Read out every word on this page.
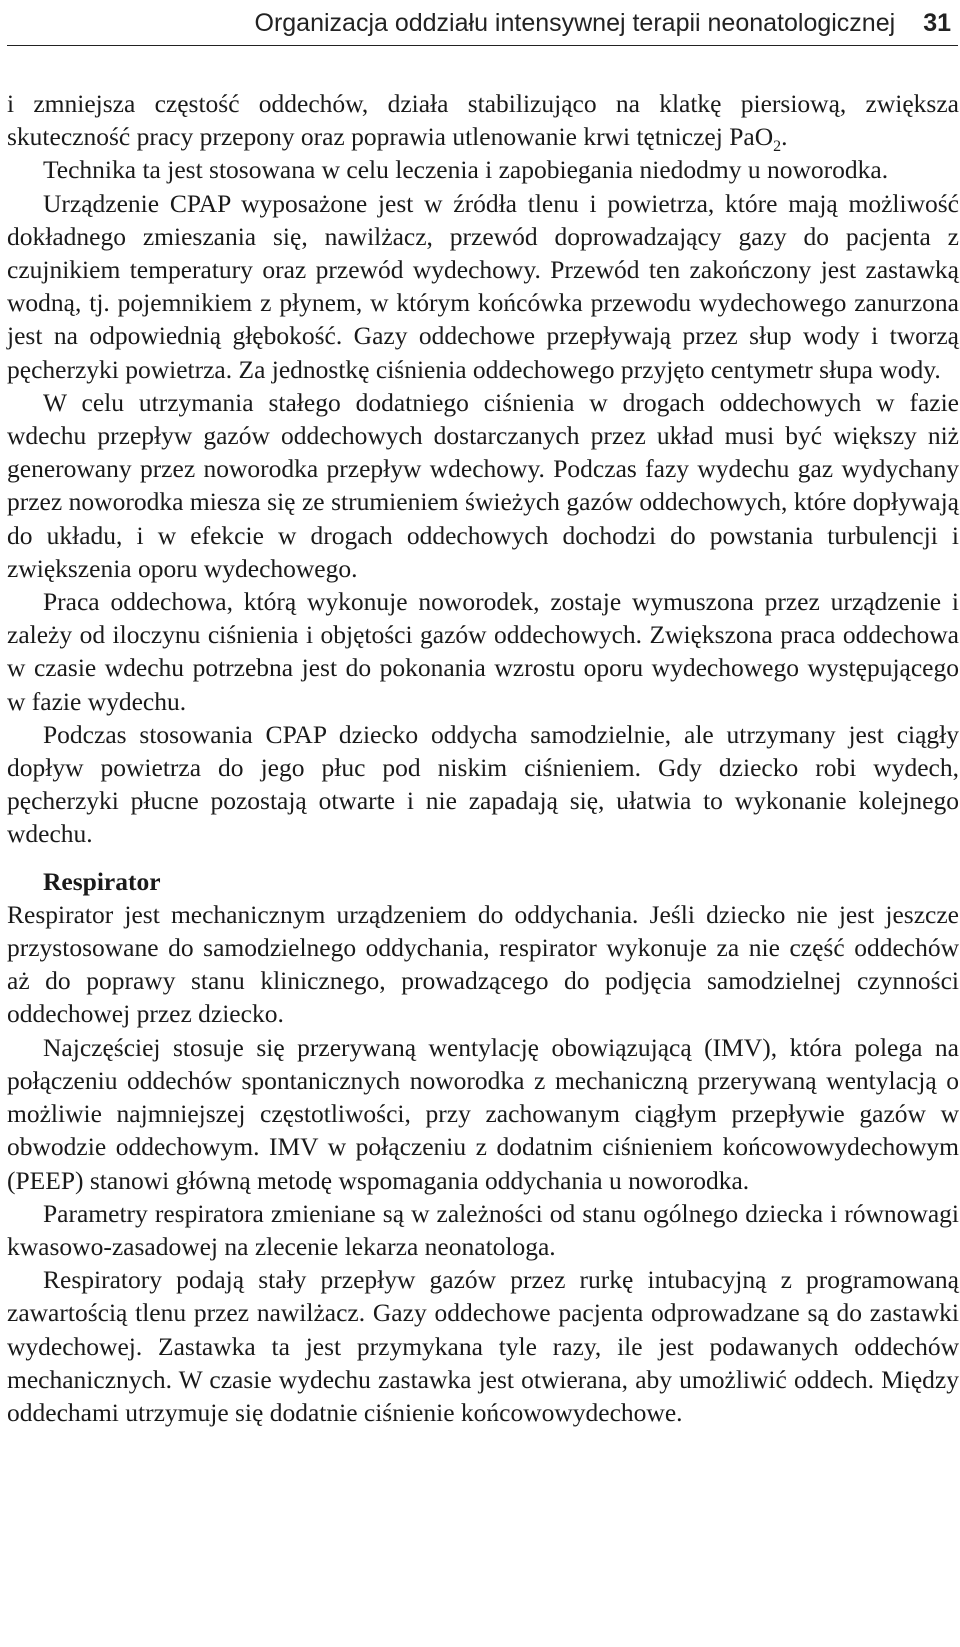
Organizacja oddziału intensywnej terapii neonatologicznej 31

i zmniejsza częstość oddechów, działa stabilizująco na klatkę piersiową, zwiększa skuteczność pracy przepony oraz poprawia utlenowanie krwi tętniczej PaO$_2$.

Technika ta jest stosowana w celu leczenia i zapobiegania niedodmy u noworodka.

Urządzenie CPAP wyposażone jest w źródła tlenu i powietrza, które mają możliwość dokładnego zmieszania się, nawilżacz, przewód doprowadzający gazy do pacjenta z czujnikiem temperatury oraz przewód wydechowy. Przewód ten zakończony jest zastawką wodną, tj. pojemnikiem z płynem, w którym końcówka przewodu wydechowego zanurzona jest na odpowiednią głębokość. Gazy oddechowe przepływają przez słup wody i tworzą pęcherzyki powietrza. Za jednostkę ciśnienia oddechowego przyjęto centymetr słupa wody.

W celu utrzymania stałego dodatniego ciśnienia w drogach oddechowych w fazie wdechu przepływ gazów oddechowych dostarczanych przez układ musi być większy niż generowany przez noworodka przepływ wdechowy. Podczas fazy wydechu gaz wydychany przez noworodka miesza się ze strumieniem świeżych gazów oddechowych, które dopływają do układu, i w efekcie w drogach oddechowych dochodzi do powstania turbulencji i zwiększenia oporu wydechowego.

Praca oddechowa, którą wykonuje noworodek, zostaje wymuszona przez urządzenie i zależy od iloczynu ciśnienia i objętości gazów oddechowych. Zwiększona praca oddechowa w czasie wdechu potrzebna jest do pokonania wzrostu oporu wydechowego występującego w fazie wydechu.

Podczas stosowania CPAP dziecko oddycha samodzielnie, ale utrzymany jest ciągły dopływ powietrza do jego płuc pod niskim ciśnieniem. Gdy dziecko robi wydech, pęcherzyki płucne pozostają otwarte i nie zapadają się, ułatwia to wykonanie kolejnego wdechu.

Respirator

Respirator jest mechanicznym urządzeniem do oddychania. Jeśli dziecko nie jest jeszcze przystosowane do samodzielnego oddychania, respirator wykonuje za nie część oddechów aż do poprawy stanu klinicznego, prowadzącego do podjęcia samodzielnej czynności oddechowej przez dziecko.

Najczęściej stosuje się przerywaną wentylację obowiązującą (IMV), która polega na połączeniu oddechów spontanicznych noworodka z mechaniczną przerywaną wentylacją o możliwie najmniejszej częstotliwości, przy zachowanym ciągłym przepływie gazów w obwodzie oddechowym. IMV w połączeniu z dodatnim ciśnieniem końcowowydechowym (PEEP) stanowi główną metodę wspomagania oddychania u noworodka.

Parametry respiratora zmieniane są w zależności od stanu ogólnego dziecka i równowagi kwasowo-zasadowej na zlecenie lekarza neonatologa.

Respiratory podają stały przepływ gazów przez rurkę intubacyjną z programowaną zawartością tlenu przez nawilżacz. Gazy oddechowe pacjenta odprowadzane są do zastawki wydechowej. Zastawka ta jest przymykana tyle razy, ile jest podawanych oddechów mechanicznych. W czasie wydechu zastawka jest otwierana, aby umożliwić oddech. Między oddechami utrzymuje się dodatnie ciśnienie końcowowydechowe.
